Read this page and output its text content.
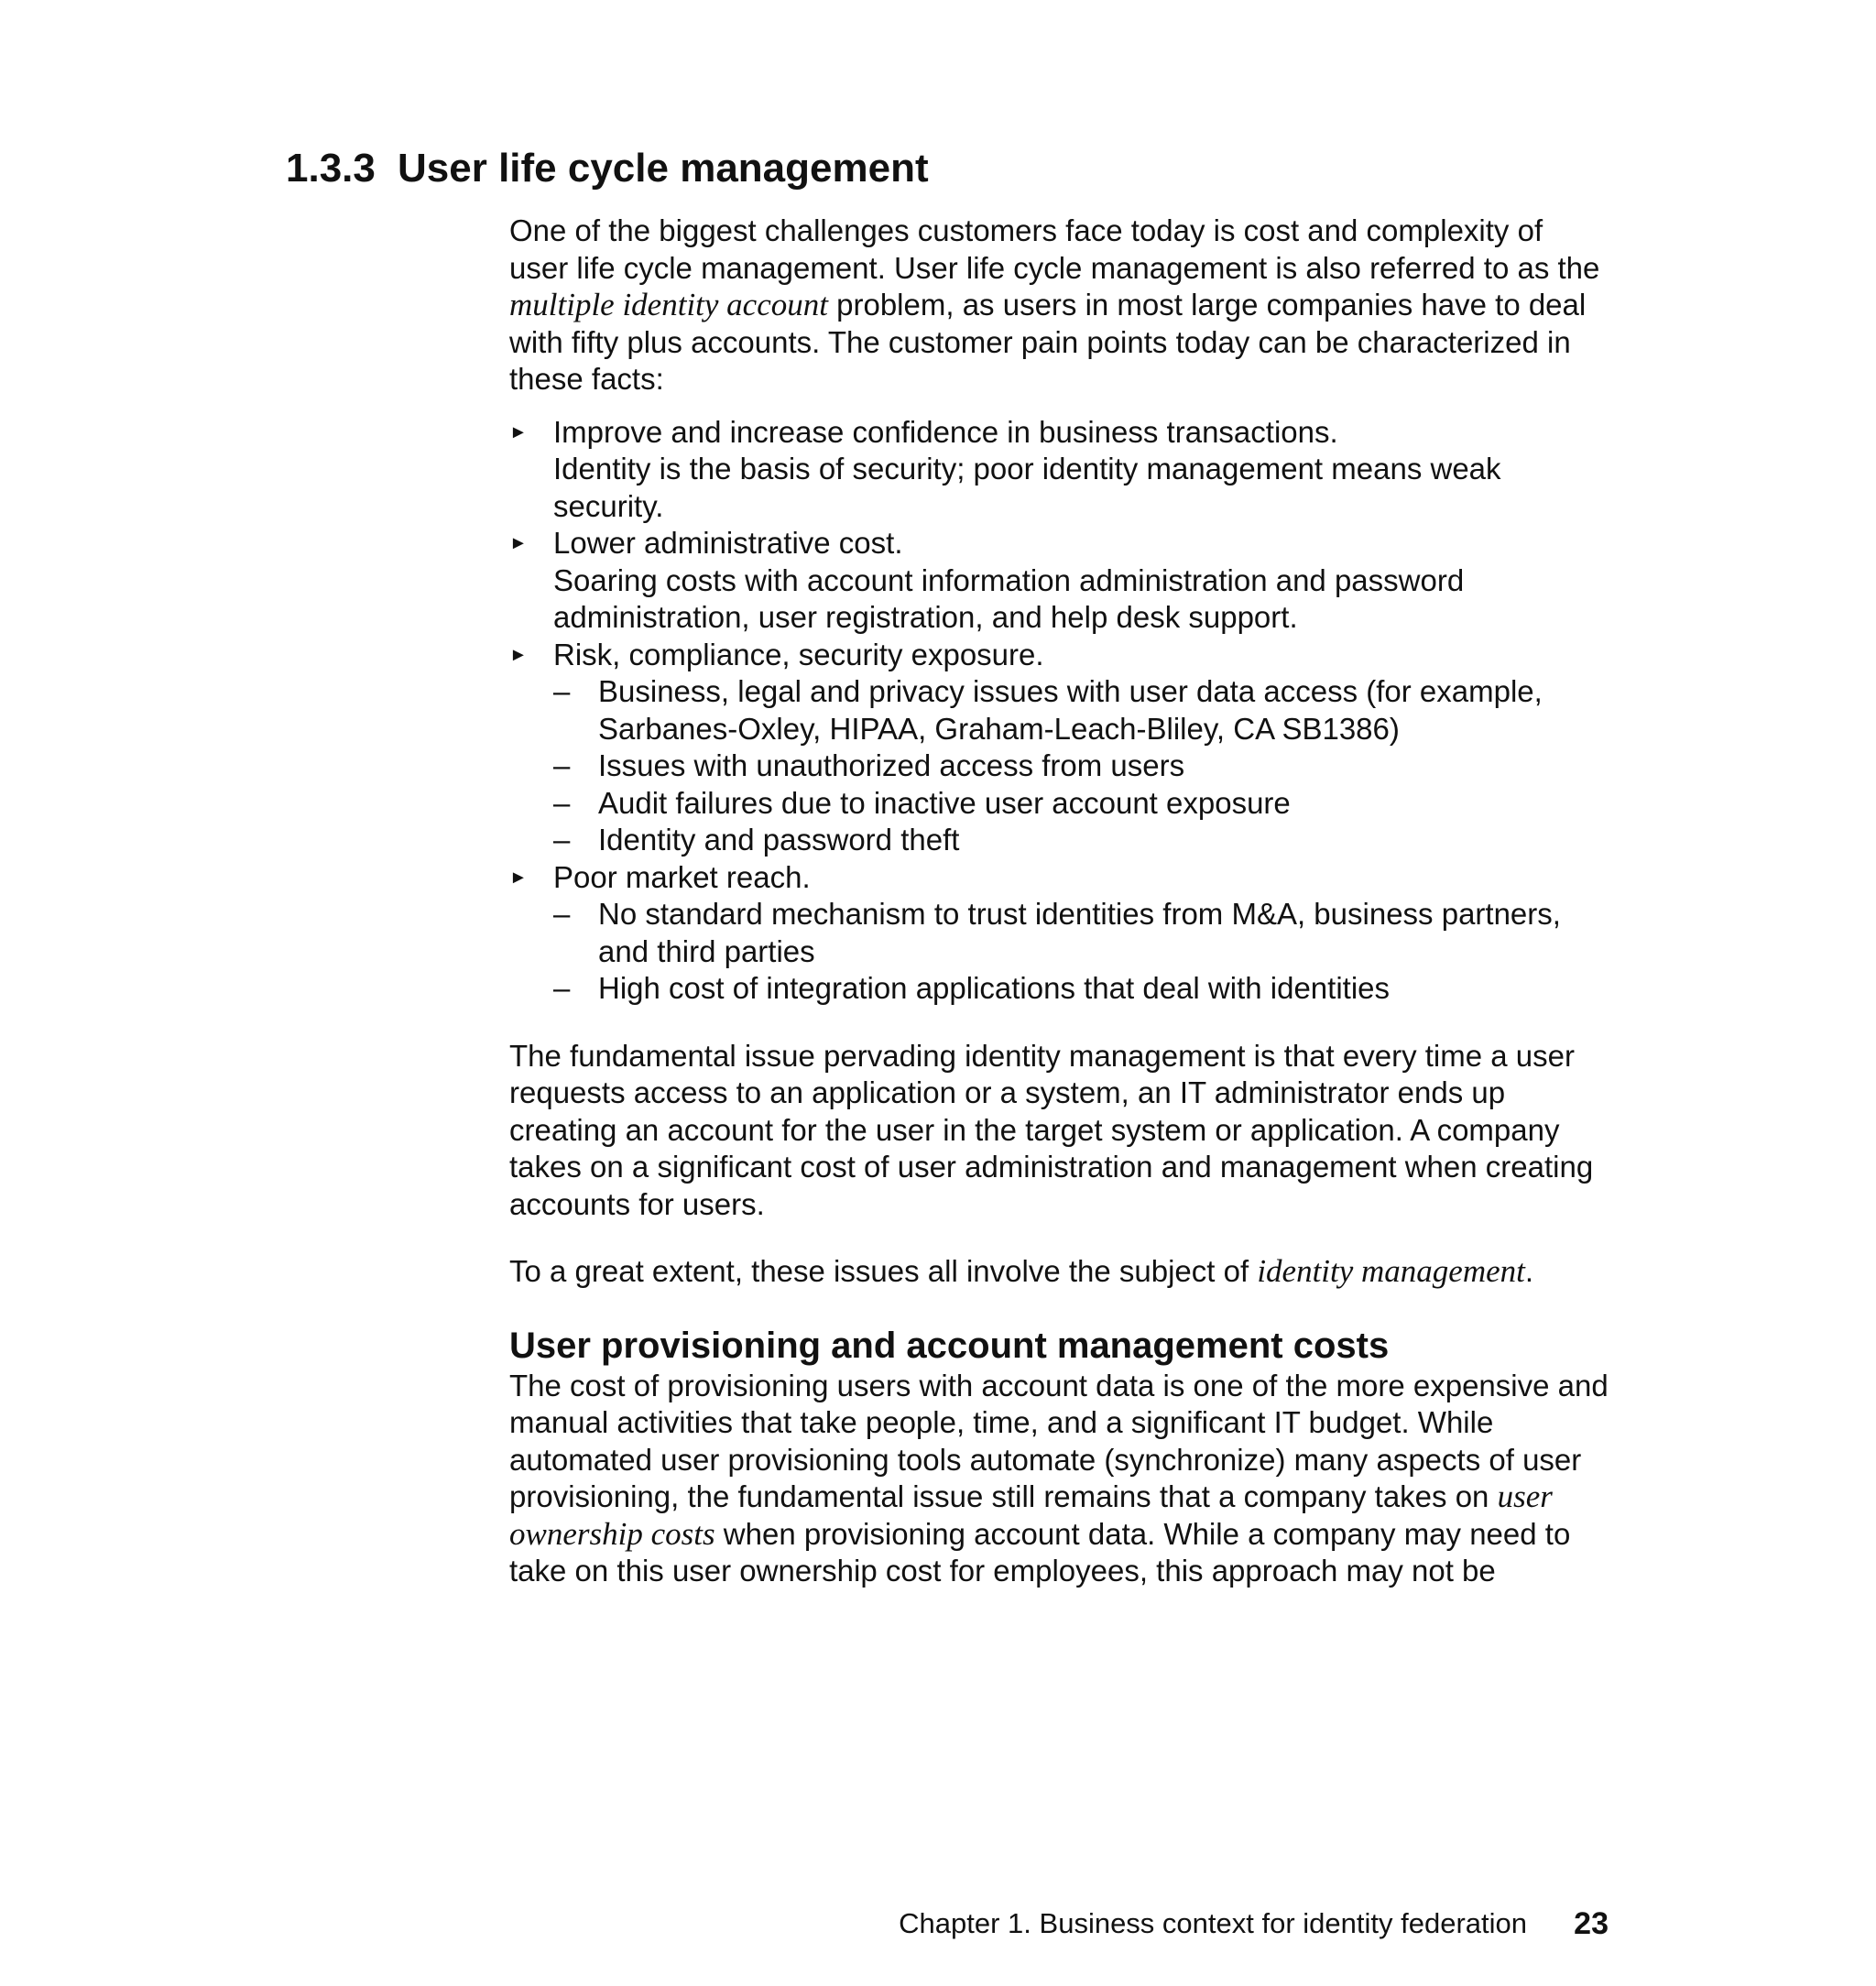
1.3.3 User life cycle management

One of the biggest challenges customers face today is cost and complexity of user life cycle management. User life cycle management is also referred to as the multiple identity account problem, as users in most large companies have to deal with fifty plus accounts. The customer pain points today can be characterized in these facts:

► Improve and increase confidence in business transactions.

Identity is the basis of security; poor identity management means weak security.

► Lower administrative cost.

Soaring costs with account information administration and password administration, user registration, and help desk support.

► Risk, compliance, security exposure.

– Business, legal and privacy issues with user data access (for example, Sarbanes-Oxley, HIPAA, Graham-Leach-Bliley, CA SB1386)

– Issues with unauthorized access from users

– Audit failures due to inactive user account exposure

– Identity and password theft

► Poor market reach.

– No standard mechanism to trust identities from M&A, business partners, and third parties

– High cost of integration applications that deal with identities

The fundamental issue pervading identity management is that every time a user requests access to an application or a system, an IT administrator ends up creating an account for the user in the target system or application. A company takes on a significant cost of user administration and management when creating accounts for users.

To a great extent, these issues all involve the subject of identity management.

User provisioning and account management costs

The cost of provisioning users with account data is one of the more expensive and manual activities that take people, time, and a significant IT budget. While automated user provisioning tools automate (synchronize) many aspects of user provisioning, the fundamental issue still remains that a company takes on user ownership costs when provisioning account data. While a company may need to take on this user ownership cost for employees, this approach may not be

Chapter 1. Business context for identity federation 23
